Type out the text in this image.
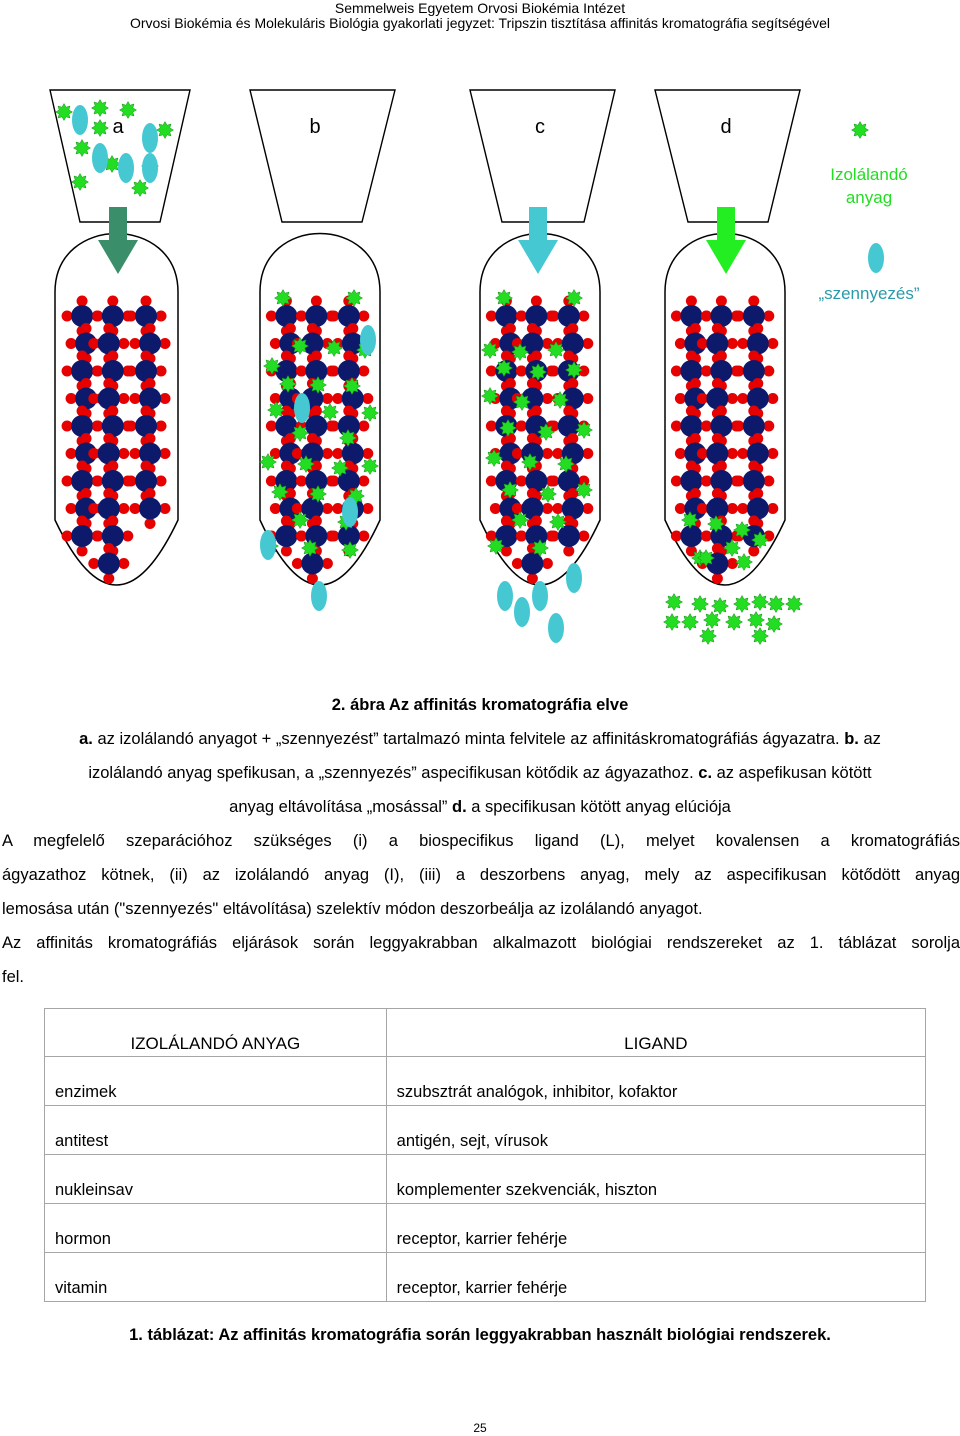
Semmelweis Egyetem Orvosi Biokémia Intézet
Orvosi Biokémia és Molekuláris Biológia gyakorlati jegyzet: Tripszin tisztítása affinitás kromatográfia segítségével
a	b	c	d
Izolálandó
anyag
„szennyezés”
2. ábra Az affinitás kromatográfia elve
a. az izolálandó anyagot + „szennyezést” tartalmazó minta felvitele az affinitáskromatográfiás ágyazatra. b. az
izolálandó anyag spefikusan, a „szennyezés” aspecifikusan kötődik az ágyazathoz. c. az aspefikusan kötött
anyag eltávolítása „mosással” d. a specifikusan kötött anyag elúciója
A megfelelő szeparációhoz szükséges (i) a biospecifikus ligand (L), melyet kovalensen a kromatográfiás
ágyazathoz kötnek, (ii) az izolálandó anyag (I), (iii) a deszorbens anyag, mely az aspecifikusan kötődött anyag
lemosása után ("szennyezés" eltávolítása) szelektív módon deszorbeálja az izolálandó anyagot.
Az affinitás kromatográfiás eljárások során leggyakrabban alkalmazott biológiai rendszereket az 1. táblázat sorolja
fel.
IZOLÁLANDÓ ANYAG	LIGAND
enzimek	szubsztrát analógok, inhibitor, kofaktor
antitest	antigén, sejt, vírusok
nukleinsav	komplementer szekvenciák, hiszton
hormon	receptor, karrier fehérje
vitamin	receptor, karrier fehérje
1. táblázat: Az affinitás kromatográfia során leggyakrabban használt biológiai rendszerek.
25
